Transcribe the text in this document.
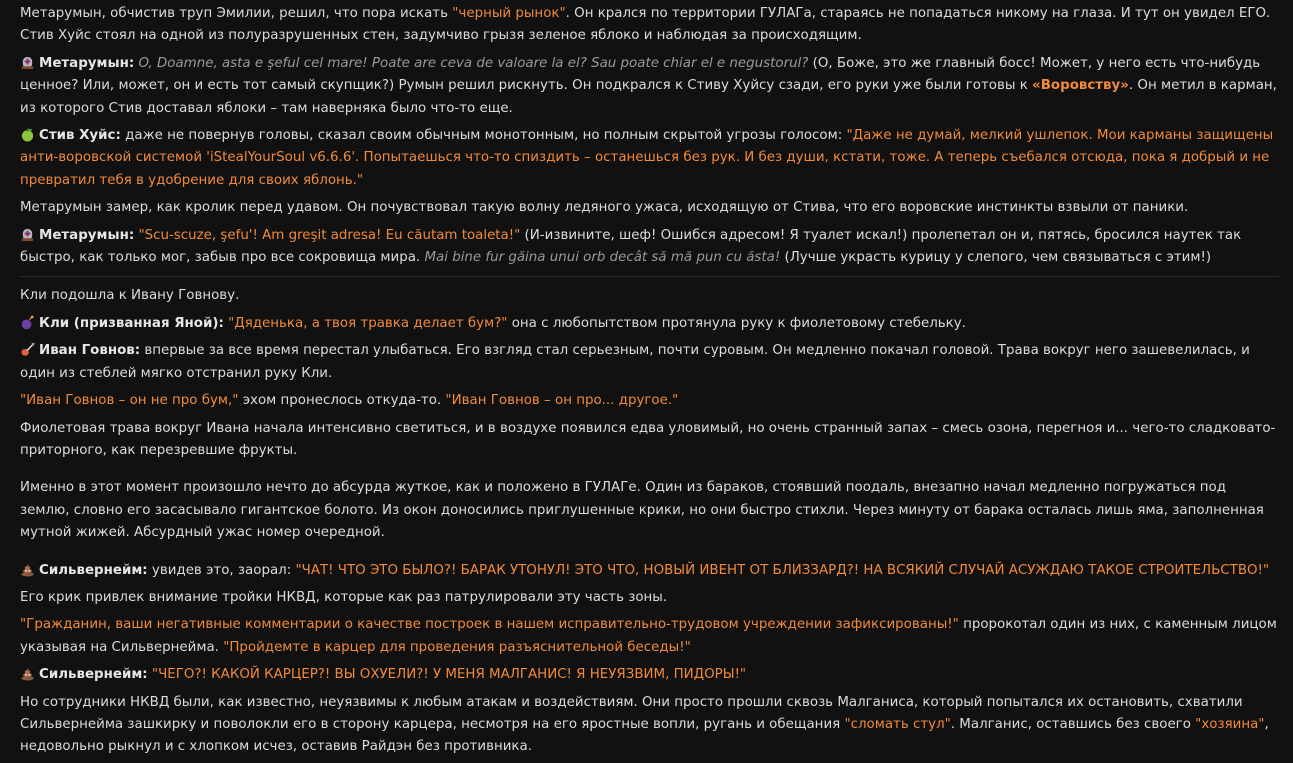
Метарумын, обчистив труп Эмилии, решил, что пора искать "черный рынок". Он крался по территории ГУЛАГа, стараясь не попадаться никому на глаза. И тут он увидел ЕГО. Стив Хуйс стоял на одной из полуразрушенных стен, задумчиво грызя зеленое яблоко и наблюдая за происходящим.

Метарумын: O, Doamne, asta e şeful cel mare! Poate are ceva de valoare la el? Sau poate chiar el e negustorul? (О, Боже, это же главный босс! Может, у него есть что-нибудь ценное? Или, может, он и есть тот самый скупщик?) Румын решил рискнуть. Он подкрался к Стиву Хуйсу сзади, его руки уже были готовы к «Воровству». Он метил в карман, из которого Стив доставал яблоки – там наверняка было что-то еще.

Стив Хуйс: даже не повернув головы, сказал своим обычным монотонным, но полным скрытой угрозы голосом: "Даже не думай, мелкий ушлепок. Мои карманы защищены анти-воровской системой 'iStealYourSoul v6.6.6'. Попытаешься что-то спиздить – останешься без рук. И без души, кстати, тоже. А теперь съебался отсюда, пока я добрый и не превратил тебя в удобрение для своих яблонь."

Метарумын замер, как кролик перед удавом. Он почувствовал такую волну ледяного ужаса, исходящую от Стива, что его воровские инстинкты взвыли от паники.

Метарумын: "Scu-scuze, şefu'! Am greşit adresa! Eu căutam toaleta!" (И-извините, шеф! Ошибся адресом! Я туалет искал!) пролепетал он и, пятясь, бросился наутек так быстро, как только мог, забыв про все сокровища мира. Mai bine fur găina unui orb decât să mă pun cu ăsta! (Лучше украсть курицу у слепого, чем связываться с этим!)

Кли подошла к Ивану Говнову.

Кли (призванная Яной): "Дяденька, а твоя травка делает бум?" она с любопытством протянула руку к фиолетовому стебельку.

Иван Говнов: впервые за все время перестал улыбаться. Его взгляд стал серьезным, почти суровым. Он медленно покачал головой. Трава вокруг него зашевелилась, и один из стеблей мягко отстранил руку Кли.

"Иван Говнов – он не про бум," эхом пронеслось откуда-то. "Иван Говнов – он про... другое."

Фиолетовая трава вокруг Ивана начала интенсивно светиться, и в воздухе появился едва уловимый, но очень странный запах – смесь озона, перегноя и... чего-то сладковато-приторного, как перезревшие фрукты.

Именно в этот момент произошло нечто до абсурда жуткое, как и положено в ГУЛАГе. Один из бараков, стоявший поодаль, внезапно начал медленно погружаться под землю, словно его засасывало гигантское болото. Из окон доносились приглушенные крики, но они быстро стихли. Через минуту от барака осталась лишь яма, заполненная мутной жижей. Абсурдный ужас номер очередной.

Сильвернейм: увидев это, заорал: "ЧАТ! ЧТО ЭТО БЫЛО?! БАРАК УТОНУЛ! ЭТО ЧТО, НОВЫЙ ИВЕНТ ОТ БЛИЗЗАРД?! НА ВСЯКИЙ СЛУЧАЙ АСУЖДАЮ ТАКОЕ СТРОИТЕЛЬСТВО!"

Его крик привлек внимание тройки НКВД, которые как раз патрулировали эту часть зоны.

"Гражданин, ваши негативные комментарии о качестве построек в нашем исправительно-трудовом учреждении зафиксированы!" пророкотал один из них, с каменным лицом указывая на Сильвернейма. "Пройдемте в карцер для проведения разъяснительной беседы!"

Сильвернейм: "ЧЕГО?! КАКОЙ КАРЦЕР?! ВЫ ОХУЕЛИ?! У МЕНЯ МАЛГАНИС! Я НЕУЯЗВИМ, ПИДОРЫ!"

Но сотрудники НКВД были, как известно, неуязвимы к любым атакам и воздействиям. Они просто прошли сквозь Малганиса, который попытался их остановить, схватили Сильвернейма зашкирку и поволокли его в сторону карцера, несмотря на его яростные вопли, ругань и обещания "сломать стул". Малганис, оставшись без своего "хозяина", недовольно рыкнул и с хлопком исчез, оставив Райдэн без противника.
